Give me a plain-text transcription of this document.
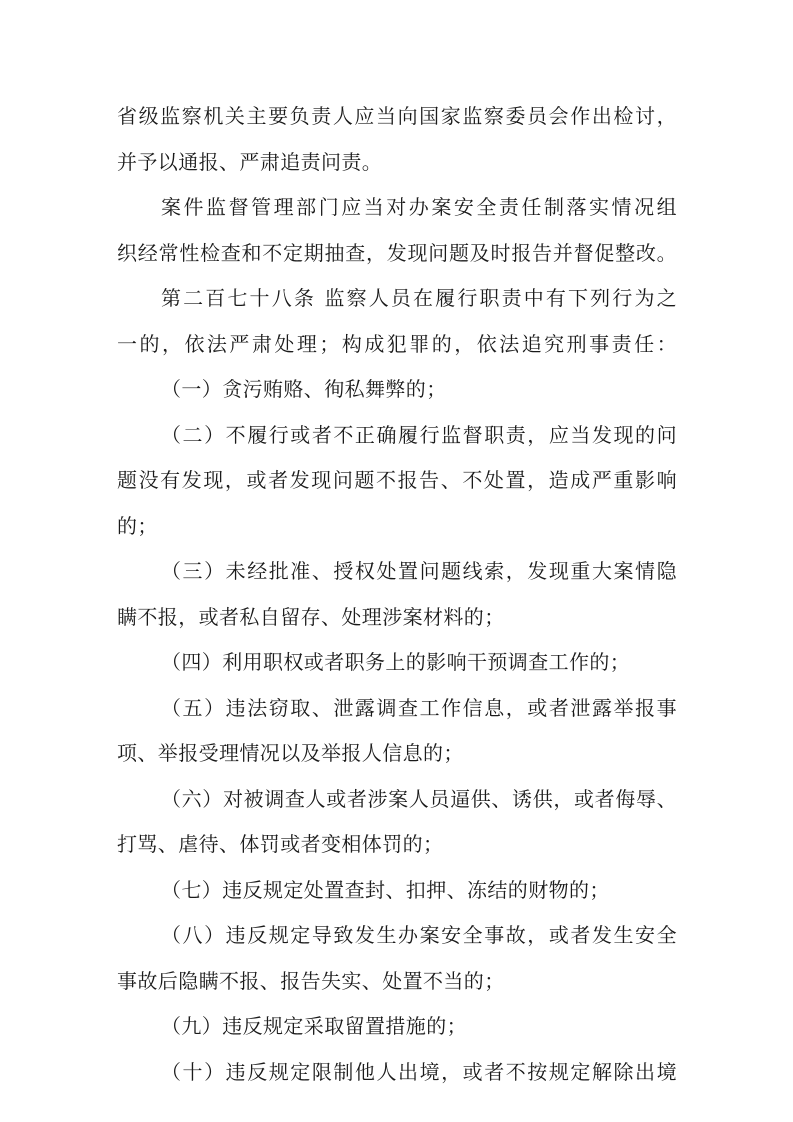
省级监察机关主要负责人应当向国家监察委员会作出检讨，
并予以通报、严肃追责问责。
案件监督管理部门应当对办案安全责任制落实情况组
织经常性检查和不定期抽查，发现问题及时报告并督促整改。
第二百七十八条 监察人员在履行职责中有下列行为之
一的，依法严肃处理；构成犯罪的，依法追究刑事责任：
（一）贪污贿赂、徇私舞弊的；
（二）不履行或者不正确履行监督职责，应当发现的问
题没有发现，或者发现问题不报告、不处置，造成严重影响
的；
（三）未经批准、授权处置问题线索，发现重大案情隐
瞒不报，或者私自留存、处理涉案材料的；
（四）利用职权或者职务上的影响干预调查工作的；
（五）违法窃取、泄露调查工作信息，或者泄露举报事
项、举报受理情况以及举报人信息的；
（六）对被调查人或者涉案人员逼供、诱供，或者侮辱、
打骂、虐待、体罚或者变相体罚的；
（七）违反规定处置查封、扣押、冻结的财物的；
（八）违反规定导致发生办案安全事故，或者发生安全
事故后隐瞒不报、报告失实、处置不当的；
（九）违反规定采取留置措施的；
（十）违反规定限制他人出境，或者不按规定解除出境
